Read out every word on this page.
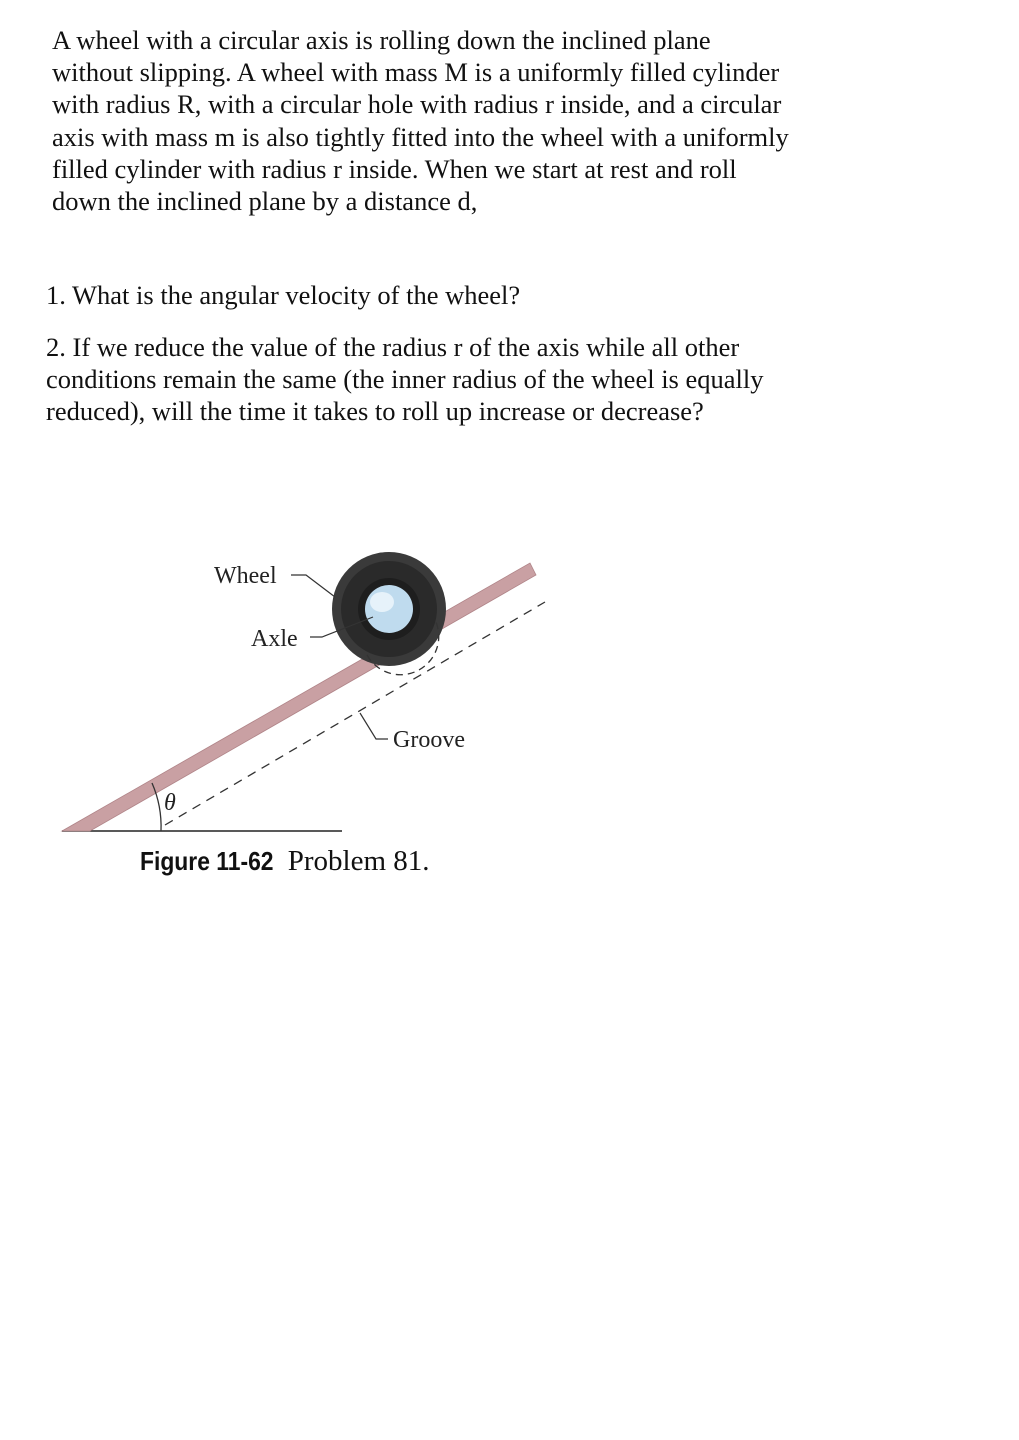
A wheel with a circular axis is rolling down the inclined plane without slipping. A wheel with mass M is a uniformly filled cylinder with radius R, with a circular hole with radius r inside, and a circular axis with mass m is also tightly fitted into the wheel with a uniformly filled cylinder with radius r inside. When we start at rest and roll down the inclined plane by a distance d,

1. What is the angular velocity of the wheel?

2. If we reduce the value of the radius r of the axis while all other conditions remain the same (the inner radius of the wheel is equally reduced), will the time it takes to roll up increase or decrease?

Wheel
Axle
Groove
θ

Figure 11-62 Problem 81.
